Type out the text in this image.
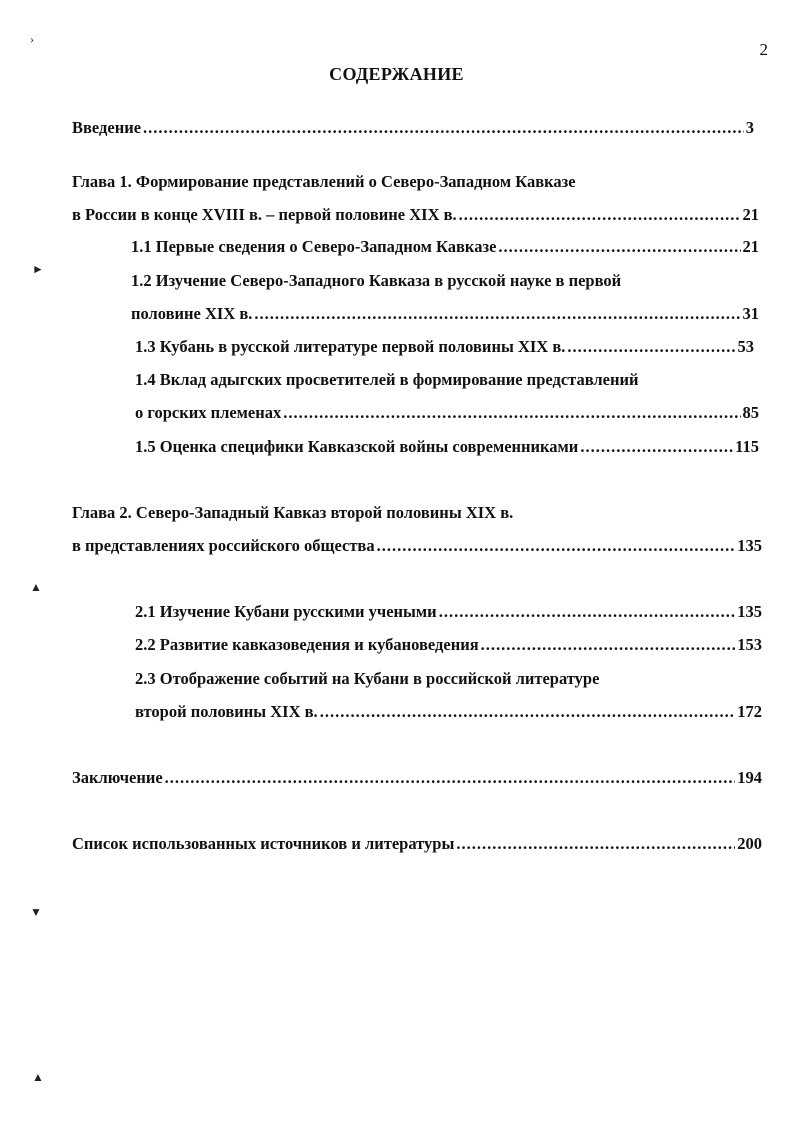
2
СОДЕРЖАНИЕ
Введение .....	3
Глава 1. Формирование представлений о Северо-Западном Кавказе
в России в конце XVIII в. – первой половине XIX в. .....	21
1.1 Первые сведения о Северо-Западном Кавказе .....	21
1.2 Изучение Северо-Западного Кавказа в русской науке в первой
половине XIX в. .....	31
1.3 Кубань в русской литературе первой половины XIX в. .....	53
1.4 Вклад адыгских просветителей в формирование представлений
о горских племенах .....	85
1.5 Оценка специфики Кавказской войны современниками .....	115
Глава 2. Северо-Западный Кавказ второй половины XIX в.
в представлениях российского общества .....	135
2.1 Изучение Кубани русскими учеными .....	135
2.2 Развитие кавказоведения и кубановедения .....	153
2.3 Отображение событий на Кубани в российской литературе
второй половины XIX в. .....	172
Заключение .....	194
Список использованных источников и литературы .....	200
›
►
▲
▼
▲
